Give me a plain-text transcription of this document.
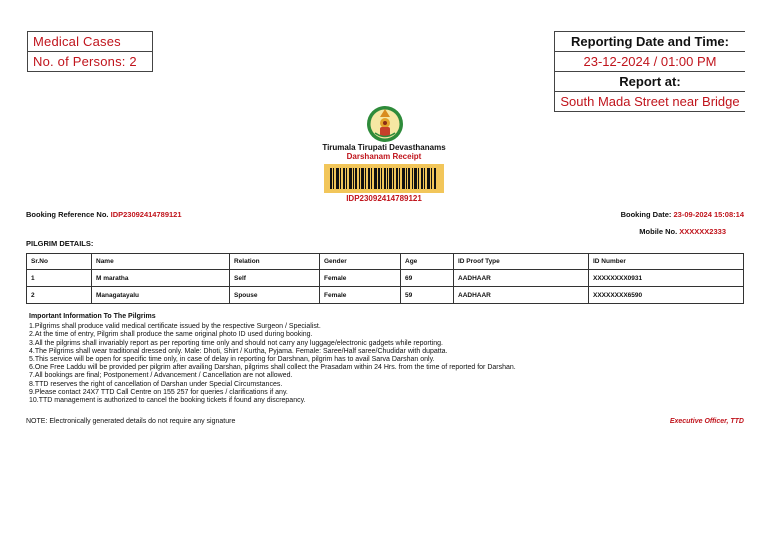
Medical Cases
No. of Persons: 2
Reporting Date and Time:
23-12-2024 / 01:00 PM
Report at:
South Mada Street near Bridge
Tirumala Tirupati Devasthanams
Darshanam Receipt
IDP23092414789121
Booking Reference No. IDP23092414789121	Booking Date: 23-09-2024 15:08:14
Mobile No. XXXXXX2333
PILGRIM DETAILS:
Sr.No	Name	Relation	Gender	Age	ID Proof Type	ID Number
1	M maratha	Self	Female	69	AADHAAR	XXXXXXXX0931
2	Managatayalu	Spouse	Female	59	AADHAAR	XXXXXXXX6590
Important Information To The Pilgrims
1.Pilgrims shall produce valid medical certificate issued by the respective Surgeon / Specialist.
2.At the time of entry, Pilgrim shall produce the same original photo ID used during booking.
3.All the pilgrims shall invariably report as per reporting time only and should not carry any luggage/electronic gadgets while reporting.
4.The Pilgrims shall wear traditional dressed only. Male: Dhoti, Shirt / Kurtha, Pyjama. Female: Saree/Half saree/Chudidar with dupatta.
5.This service will be open for specific time only, in case of delay in reporting for Darshnan, pilgrim has to avail Sarva Darshan only.
6.One Free Laddu will be provided per pilgrim after availing Darshan, pilgrims shall collect the Prasadam within 24 Hrs. from the time of reported for Darshan.
7.All bookings are final; Postponement / Advancement / Cancellation are not allowed.
8.TTD reserves the right of cancellation of Darshan under Special Circumstances.
9.Please contact 24X7 TTD Call Centre on 155 257 for queries / clarifications if any.
10.TTD management is authorized to cancel the booking tickets if found any discrepancy.
NOTE: Electronically generated details do not require any signature	Executive Officer, TTD
